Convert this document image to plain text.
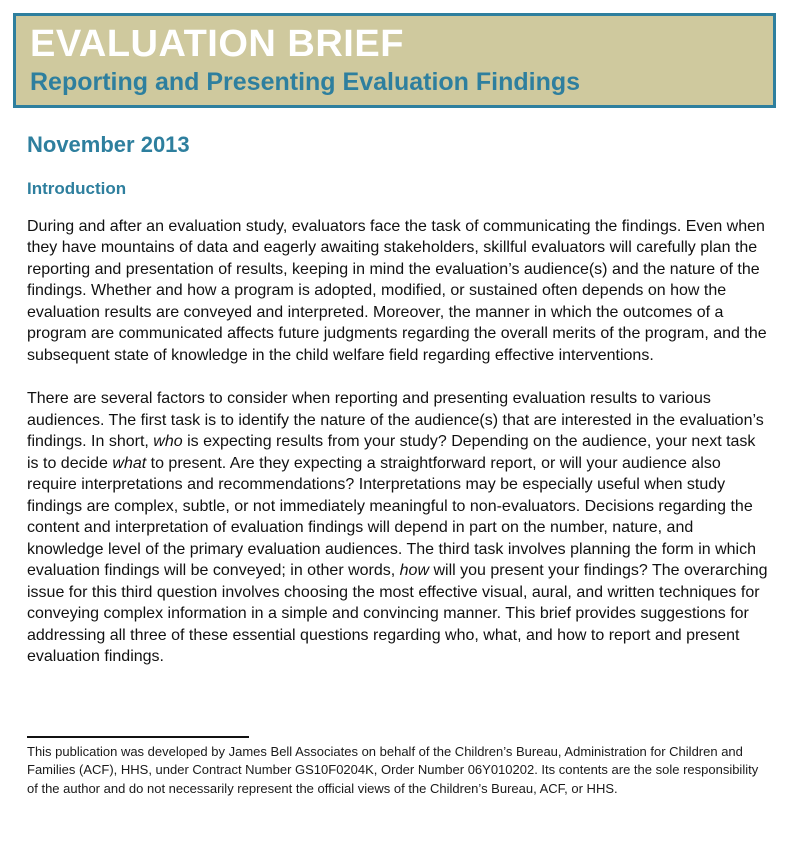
EVALUATION BRIEF
Reporting and Presenting Evaluation Findings

November 2013

Introduction

During and after an evaluation study, evaluators face the task of communicating the findings. Even when they have mountains of data and eagerly awaiting stakeholders, skillful evaluators will carefully plan the reporting and presentation of results, keeping in mind the evaluation’s audience(s) and the nature of the findings. Whether and how a program is adopted, modified, or sustained often depends on how the evaluation results are conveyed and interpreted. Moreover, the manner in which the outcomes of a program are communicated affects future judgments regarding the overall merits of the program, and the subsequent state of knowledge in the child welfare field regarding effective interventions.

There are several factors to consider when reporting and presenting evaluation results to various audiences. The first task is to identify the nature of the audience(s) that are interested in the evaluation’s findings. In short, who is expecting results from your study? Depending on the audience, your next task is to decide what to present. Are they expecting a straightforward report, or will your audience also require interpretations and recommendations? Interpretations may be especially useful when study findings are complex, subtle, or not immediately meaningful to non-evaluators. Decisions regarding the content and interpretation of evaluation findings will depend in part on the number, nature, and knowledge level of the primary evaluation audiences. The third task involves planning the form in which evaluation findings will be conveyed; in other words, how will you present your findings? The overarching issue for this third question involves choosing the most effective visual, aural, and written techniques for conveying complex information in a simple and convincing manner. This brief provides suggestions for addressing all three of these essential questions regarding who, what, and how to report and present evaluation findings.

This publication was developed by James Bell Associates on behalf of the Children’s Bureau, Administration for Children and Families (ACF), HHS, under Contract Number GS10F0204K, Order Number 06Y010202. Its contents are the sole responsibility of the author and do not necessarily represent the official views of the Children’s Bureau, ACF, or HHS.
